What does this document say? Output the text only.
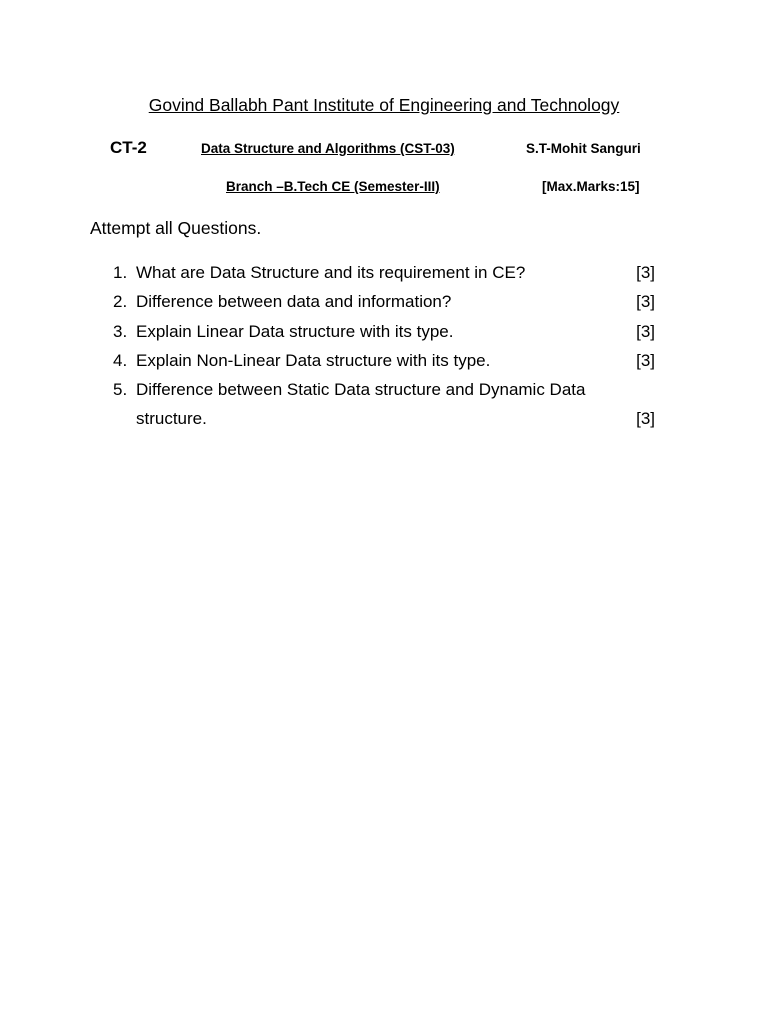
Govind Ballabh Pant Institute of Engineering and Technology
CT-2	Data Structure and Algorithms (CST-03)	S.T-Mohit Sanguri
Branch –B.Tech CE (Semester-III)	[Max.Marks:15]
Attempt all Questions.
1. What are Data Structure and its requirement in CE?	[3]
2. Difference between data and information?	[3]
3. Explain Linear Data structure with its type.	[3]
4. Explain Non-Linear Data structure with its type.	[3]
5. Difference between Static Data structure and Dynamic Data structure.	[3]
